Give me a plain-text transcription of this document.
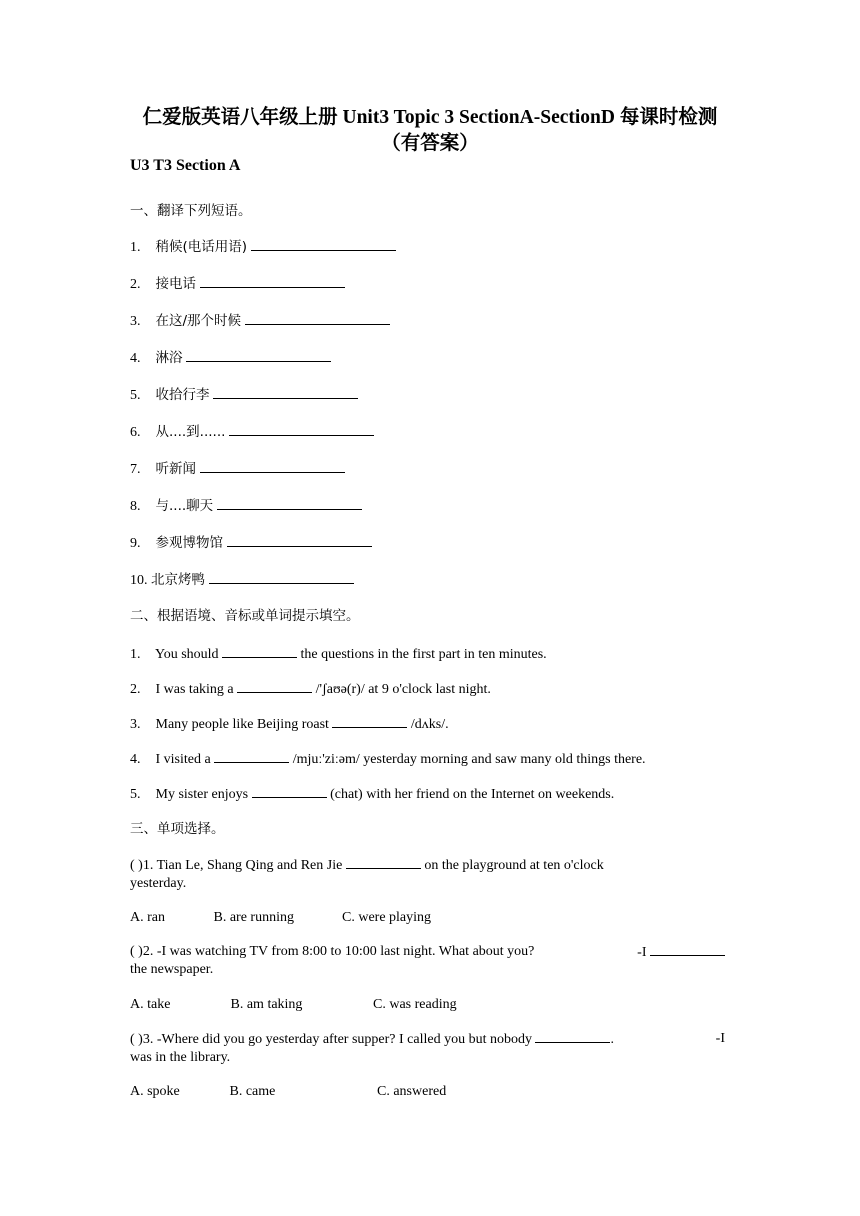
仁爱版英语八年级上册 Unit3 Topic 3 SectionA-SectionD 每课时检测
（有答案）
U3 T3 Section A
一、翻译下列短语。
1. 稍候(电话用语)
2. 接电话
3. 在这/那个时候
4. 淋浴
5. 收拾行李
6. 从....到......
7. 听新闻
8. 与....聊天
9. 参观博物馆
10. 北京烤鸭
二、根据语境、音标或单词提示填空。
1. You should	the questions in the first part in ten minutes.
2. I was taking a	/'ʃaʊə(r)/ at 9 o'clock last night.
3. Many people like Beijing roast	/dʌks/.
4. I visited a	/mjuː'ziːəm/ yesterday morning and saw many old things there.
5. My sister enjoys	(chat) with her friend on the Internet on weekends.
三、单项选择。
( )1. Tian Le, Shang Qing and Ren Jie	on the playground at ten o'clock
yesterday.
A. ran	B. are running	C. were playing
( )2. -I was watching TV from 8:00 to 10:00 last night. What about you?	-I
the newspaper.
A. take	B. am taking	C. was reading
( )3. -Where did you go yesterday after supper? I called you but nobody	.	-I
was in the library.
A. spoke	B. came	C. answered
